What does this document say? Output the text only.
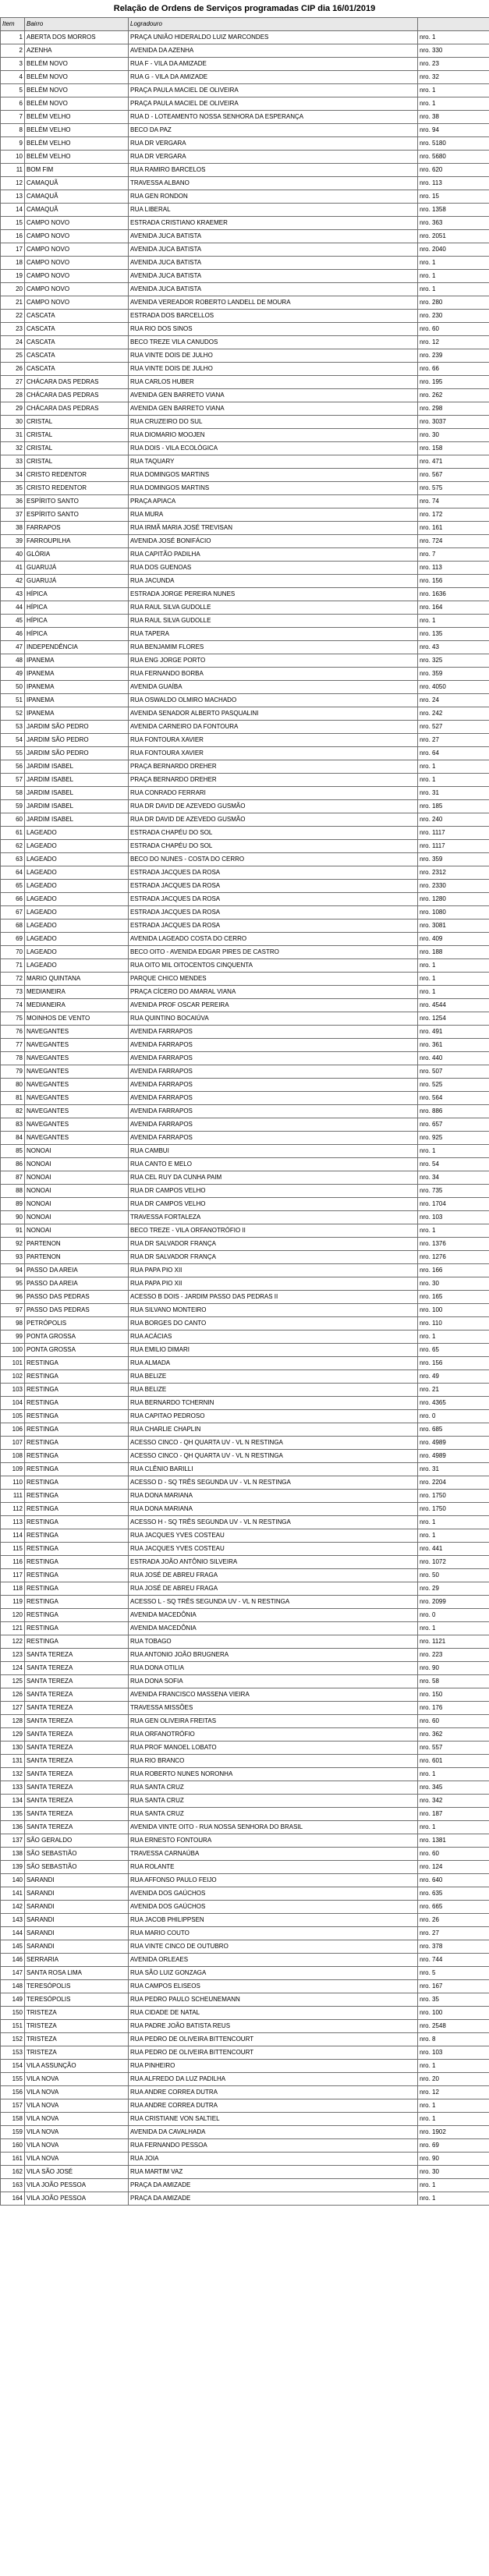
Relação de Ordens de Serviços programadas CIP dia 16/01/2019
Item	Bairro	Logradouro	
1	ABERTA DOS MORROS	PRAÇA UNIÃO HIDERALDO LUIZ MARCONDES	nro. 1
2	AZENHA	AVENIDA DA AZENHA	nro. 330
3	BELÉM NOVO	RUA F - VILA DA AMIZADE	nro. 23
4	BELÉM NOVO	RUA G - VILA DA AMIZADE	nro. 32
5	BELÉM NOVO	PRAÇA PAULA MACIEL DE OLIVEIRA	nro. 1
6	BELÉM NOVO	PRAÇA PAULA MACIEL DE OLIVEIRA	nro. 1
7	BELÉM VELHO	RUA D - LOTEAMENTO NOSSA SENHORA DA ESPERANÇA	nro. 38
8	BELÉM VELHO	BECO DA PAZ	nro. 94
9	BELÉM VELHO	RUA DR VERGARA	nro. 5180
10	BELÉM VELHO	RUA DR VERGARA	nro. 5680
11	BOM FIM	RUA RAMIRO BARCELOS	nro. 620
12	CAMAQUÃ	TRAVESSA ALBANO	nro. 113
13	CAMAQUÃ	RUA GEN RONDON	nro. 15
14	CAMAQUÃ	RUA LIBERAL	nro. 1358
15	CAMPO NOVO	ESTRADA CRISTIANO KRAEMER	nro. 363
16	CAMPO NOVO	AVENIDA JUCA BATISTA	nro. 2051
17	CAMPO NOVO	AVENIDA JUCA BATISTA	nro. 2040
18	CAMPO NOVO	AVENIDA JUCA BATISTA	nro. 1
19	CAMPO NOVO	AVENIDA JUCA BATISTA	nro. 1
20	CAMPO NOVO	AVENIDA JUCA BATISTA	nro. 1
21	CAMPO NOVO	AVENIDA VEREADOR ROBERTO LANDELL DE MOURA	nro. 280
22	CASCATA	ESTRADA DOS BARCELLOS	nro. 230
23	CASCATA	RUA RIO DOS SINOS	nro. 60
24	CASCATA	BECO TREZE VILA CANUDOS	nro. 12
25	CASCATA	RUA VINTE DOIS DE JULHO	nro. 239
26	CASCATA	RUA VINTE DOIS DE JULHO	nro. 66
27	CHÁCARA DAS PEDRAS	RUA CARLOS HUBER	nro. 195
28	CHÁCARA DAS PEDRAS	AVENIDA GEN BARRETO VIANA	nro. 262
29	CHÁCARA DAS PEDRAS	AVENIDA GEN BARRETO VIANA	nro. 298
30	CRISTAL	RUA CRUZEIRO DO SUL	nro. 3037
31	CRISTAL	RUA DIOMARIO MOOJEN	nro. 30
32	CRISTAL	RUA DOIS - VILA ECOLÓGICA	nro. 158
33	CRISTAL	RUA TAQUARY	nro. 471
34	CRISTO REDENTOR	RUA DOMINGOS MARTINS	nro. 567
35	CRISTO REDENTOR	RUA DOMINGOS MARTINS	nro. 575
36	ESPÍRITO SANTO	PRAÇA APIACA	nro. 74
37	ESPÍRITO SANTO	RUA MURA	nro. 172
38	FARRAPOS	RUA IRMÃ MARIA JOSÉ TREVISAN	nro. 161
39	FARROUPILHA	AVENIDA JOSÉ BONIFÁCIO	nro. 724
40	GLÓRIA	RUA CAPITÃO PADILHA	nro. 7
41	GUARUJÁ	RUA DOS GUENOAS	nro. 113
42	GUARUJÁ	RUA JACUNDA	nro. 156
43	HÍPICA	ESTRADA JORGE PEREIRA NUNES	nro. 1636
44	HÍPICA	RUA RAUL SILVA GUDOLLE	nro. 164
45	HÍPICA	RUA RAUL SILVA GUDOLLE	nro. 1
46	HÍPICA	RUA TAPERA	nro. 135
47	INDEPENDÊNCIA	RUA BENJAMIM FLORES	nro. 43
48	IPANEMA	RUA ENG JORGE PORTO	nro. 325
49	IPANEMA	RUA FERNANDO BORBA	nro. 359
50	IPANEMA	AVENIDA GUAÍBA	nro. 4050
51	IPANEMA	RUA OSWALDO OLMIRO MACHADO	nro. 24
52	IPANEMA	AVENIDA SENADOR ALBERTO PASQUALINI	nro. 242
53	JARDIM SÃO PEDRO	AVENIDA CARNEIRO DA FONTOURA	nro. 527
54	JARDIM SÃO PEDRO	RUA FONTOURA XAVIER	nro. 27
55	JARDIM SÃO PEDRO	RUA FONTOURA XAVIER	nro. 64
56	JARDIM ISABEL	PRAÇA BERNARDO DREHER	nro. 1
57	JARDIM ISABEL	PRAÇA BERNARDO DREHER	nro. 1
58	JARDIM ISABEL	RUA CONRADO FERRARI	nro. 31
59	JARDIM ISABEL	RUA DR DAVID DE AZEVEDO GUSMÃO	nro. 185
60	JARDIM ISABEL	RUA DR DAVID DE AZEVEDO GUSMÃO	nro. 240
61	LAGEADO	ESTRADA CHAPÉU DO SOL	nro. 1117
62	LAGEADO	ESTRADA CHAPÉU DO SOL	nro. 1117
63	LAGEADO	BECO DO NUNES - COSTA DO CERRO	nro. 359
64	LAGEADO	ESTRADA JACQUES DA ROSA	nro. 2312
65	LAGEADO	ESTRADA JACQUES DA ROSA	nro. 2330
66	LAGEADO	ESTRADA JACQUES DA ROSA	nro. 1280
67	LAGEADO	ESTRADA JACQUES DA ROSA	nro. 1080
68	LAGEADO	ESTRADA JACQUES DA ROSA	nro. 3081
69	LAGEADO	AVENIDA LAGEADO COSTA DO CERRO	nro. 409
70	LAGEADO	BECO OITO - AVENIDA EDGAR PIRES DE CASTRO	nro. 188
71	LAGEADO	RUA OITO MIL OITOCENTOS CINQUENTA	nro. 1
72	MARIO QUINTANA	PARQUE CHICO MENDES	nro. 1
73	MEDIANEIRA	PRAÇA CÍCERO DO AMARAL VIANA	nro. 1
74	MEDIANEIRA	AVENIDA PROF OSCAR PEREIRA	nro. 4544
75	MOINHOS DE VENTO	RUA QUINTINO BOCAIÚVA	nro. 1254
76	NAVEGANTES	AVENIDA FARRAPOS	nro. 491
77	NAVEGANTES	AVENIDA FARRAPOS	nro. 361
78	NAVEGANTES	AVENIDA FARRAPOS	nro. 440
79	NAVEGANTES	AVENIDA FARRAPOS	nro. 507
80	NAVEGANTES	AVENIDA FARRAPOS	nro. 525
81	NAVEGANTES	AVENIDA FARRAPOS	nro. 564
82	NAVEGANTES	AVENIDA FARRAPOS	nro. 886
83	NAVEGANTES	AVENIDA FARRAPOS	nro. 657
84	NAVEGANTES	AVENIDA FARRAPOS	nro. 925
85	NONOAI	RUA CAMBUI	nro. 1
86	NONOAI	RUA CANTO E MELO	nro. 54
87	NONOAI	RUA CEL RUY DA CUNHA PAIM	nro. 34
88	NONOAI	RUA DR CAMPOS VELHO	nro. 735
89	NONOAI	RUA DR CAMPOS VELHO	nro. 1704
90	NONOAI	TRAVESSA FORTALEZA	nro. 103
91	NONOAI	BECO TREZE - VILA ORFANOTRÓFIO II	nro. 1
92	PARTENON	RUA DR SALVADOR FRANÇA	nro. 1376
93	PARTENON	RUA DR SALVADOR FRANÇA	nro. 1276
94	PASSO DA AREIA	RUA PAPA PIO XII	nro. 166
95	PASSO DA AREIA	RUA PAPA PIO XII	nro. 30
96	PASSO DAS PEDRAS	ACESSO B DOIS - JARDIM PASSO DAS PEDRAS II	nro. 165
97	PASSO DAS PEDRAS	RUA SILVANO MONTEIRO	nro. 100
98	PETRÓPOLIS	RUA BORGES DO CANTO	nro. 110
99	PONTA GROSSA	RUA ACÁCIAS	nro. 1
100	PONTA GROSSA	RUA EMILIO DIMARI	nro. 65
101	RESTINGA	RUA ALMADA	nro. 156
102	RESTINGA	RUA BELIZE	nro. 49
103	RESTINGA	RUA BELIZE	nro. 21
104	RESTINGA	RUA BERNARDO TCHERNIN	nro. 4365
105	RESTINGA	RUA CAPITAO PEDROSO	nro. 0
106	RESTINGA	RUA CHARLIE CHAPLIN	nro. 685
107	RESTINGA	ACESSO CINCO - QH QUARTA UV - VL N RESTINGA	nro. 4989
108	RESTINGA	ACESSO CINCO - QH QUARTA UV - VL N RESTINGA	nro. 4989
109	RESTINGA	RUA CLÊNIO BARILLI	nro. 31
110	RESTINGA	ACESSO D - SQ TRÊS SEGUNDA UV - VL N RESTINGA	nro. 2204
111	RESTINGA	RUA DONA MARIANA	nro. 1750
112	RESTINGA	RUA DONA MARIANA	nro. 1750
113	RESTINGA	ACESSO H - SQ TRÊS SEGUNDA UV - VL N RESTINGA	nro. 1
114	RESTINGA	RUA JACQUES YVES COSTEAU	nro. 1
115	RESTINGA	RUA JACQUES YVES COSTEAU	nro. 441
116	RESTINGA	ESTRADA JOÃO ANTÔNIO SILVEIRA	nro. 1072
117	RESTINGA	RUA JOSÉ DE ABREU FRAGA	nro. 50
118	RESTINGA	RUA JOSÉ DE ABREU FRAGA	nro. 29
119	RESTINGA	ACESSO L - SQ TRÊS SEGUNDA UV - VL N RESTINGA	nro. 2099
120	RESTINGA	AVENIDA MACEDÔNIA	nro. 0
121	RESTINGA	AVENIDA MACEDÔNIA	nro. 1
122	RESTINGA	RUA TOBAGO	nro. 1121
123	SANTA TEREZA	RUA ANTONIO JOÃO BRUGNERA	nro. 223
124	SANTA TEREZA	RUA DONA OTILIA	nro. 90
125	SANTA TEREZA	RUA DONA SOFIA	nro. 58
126	SANTA TEREZA	AVENIDA FRANCISCO MASSENA VIEIRA	nro. 150
127	SANTA TEREZA	TRAVESSA MISSÕES	nro. 176
128	SANTA TEREZA	RUA GEN OLIVEIRA FREITAS	nro. 60
129	SANTA TEREZA	RUA ORFANOTRÓFIO	nro. 362
130	SANTA TEREZA	RUA PROF MANOEL LOBATO	nro. 557
131	SANTA TEREZA	RUA RIO BRANCO	nro. 601
132	SANTA TEREZA	RUA ROBERTO NUNES NORONHA	nro. 1
133	SANTA TEREZA	RUA SANTA CRUZ	nro. 345
134	SANTA TEREZA	RUA SANTA CRUZ	nro. 342
135	SANTA TEREZA	RUA SANTA CRUZ	nro. 187
136	SANTA TEREZA	AVENIDA VINTE OITO - RUA NOSSA SENHORA DO BRASIL	nro. 1
137	SÃO GERALDO	RUA ERNESTO FONTOURA	nro. 1381
138	SÃO SEBASTIÃO	TRAVESSA CARNAÚBA	nro. 60
139	SÃO SEBASTIÃO	RUA ROLANTE	nro. 124
140	SARANDI	RUA AFFONSO PAULO FEIJO	nro. 640
141	SARANDI	AVENIDA DOS GAÚCHOS	nro. 635
142	SARANDI	AVENIDA DOS GAÚCHOS	nro. 665
143	SARANDI	RUA JACOB PHILIPPSEN	nro. 26
144	SARANDI	RUA MARIO COUTO	nro. 27
145	SARANDI	RUA VINTE CINCO DE OUTUBRO	nro. 378
146	SERRARIA	AVENIDA ORLEAES	nro. 744
147	SANTA ROSA LIMA	RUA SÃO LUIZ GONZAGA	nro. 5
148	TERESÓPOLIS	RUA CAMPOS ELISEOS	nro. 167
149	TERESÓPOLIS	RUA PEDRO PAULO SCHEUNEMANN	nro. 35
150	TRISTEZA	RUA CIDADE DE NATAL	nro. 100
151	TRISTEZA	RUA PADRE JOÃO BATISTA REUS	nro. 2548
152	TRISTEZA	RUA PEDRO DE OLIVEIRA BITTENCOURT	nro. 8
153	TRISTEZA	RUA PEDRO DE OLIVEIRA BITTENCOURT	nro. 103
154	VILA ASSUNÇÃO	RUA PINHEIRO	nro. 1
155	VILA NOVA	RUA ALFREDO DA LUZ PADILHA	nro. 20
156	VILA NOVA	RUA ANDRE CORREA DUTRA	nro. 12
157	VILA NOVA	RUA ANDRE CORREA DUTRA	nro. 1
158	VILA NOVA	RUA CRISTIANE VON SALTIEL	nro. 1
159	VILA NOVA	AVENIDA DA CAVALHADA	nro. 1902
160	VILA NOVA	RUA FERNANDO PESSOA	nro. 69
161	VILA NOVA	RUA JOIA	nro. 90
162	VILA SÃO JOSÉ	RUA MARTIM VAZ	nro. 30
163	VILA JOÃO PESSOA	PRAÇA DA AMIZADE	nro. 1
164	VILA JOÃO PESSOA	PRAÇA DA AMIZADE	nro. 1
